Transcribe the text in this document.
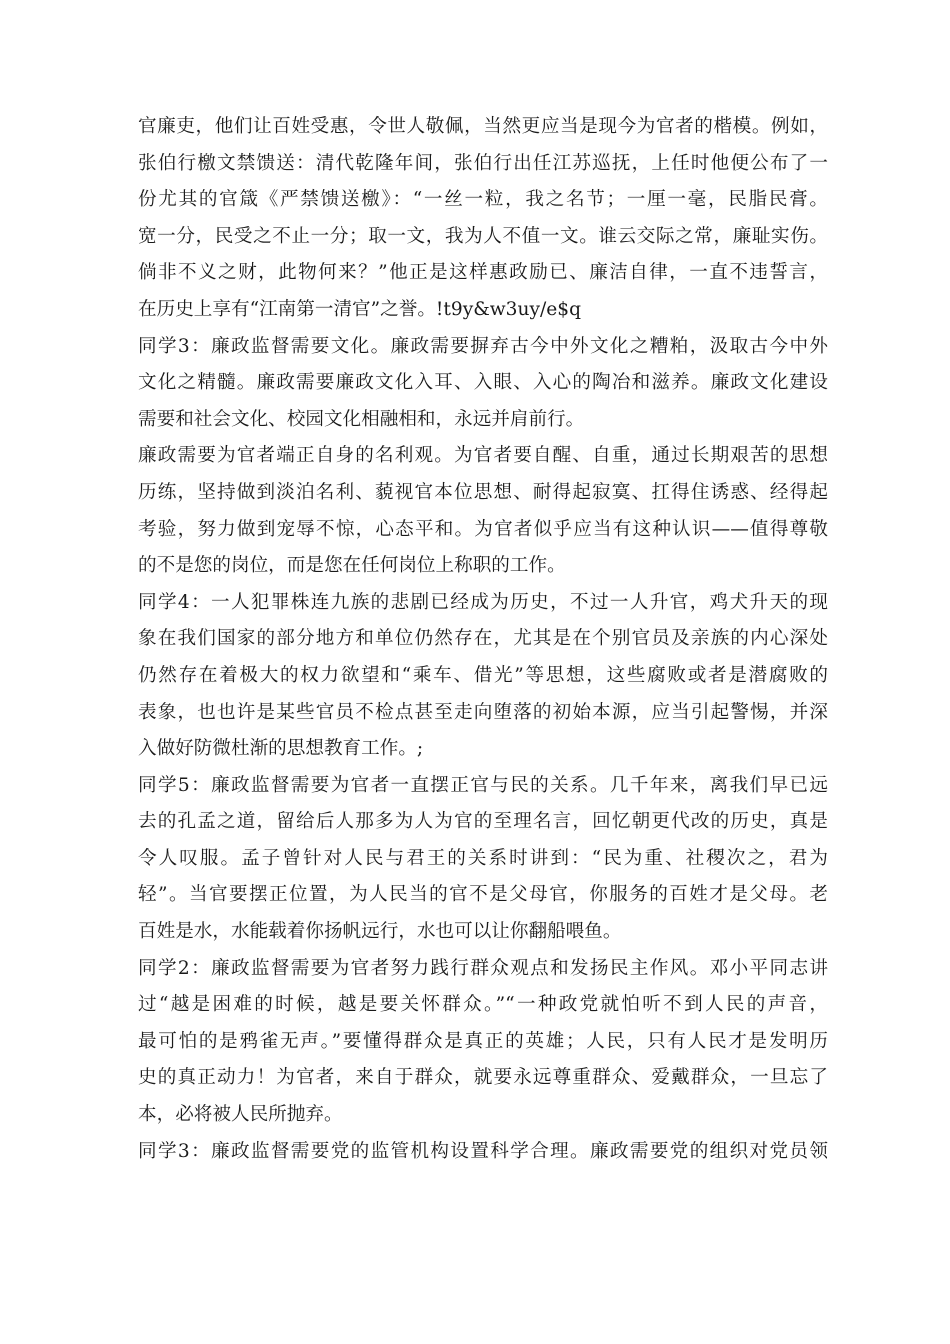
官廉吏，他们让百姓受惠，令世人敬佩，当然更应当是现今为官者的楷模。例如，
张伯行檄文禁馈送：清代乾隆年间，张伯行出任江苏巡抚，上任时他便公布了一
份尤其的官箴《严禁馈送檄》：“一丝一粒，我之名节；一厘一毫，民脂民膏。
宽一分，民受之不止一分；取一文，我为人不值一文。谁云交际之常，廉耻实伤。
倘非不义之财，此物何来？”他正是这样惠政励已、廉洁自律，一直不违誓言，
在历史上享有“江南第一清官”之誉。!t9y&w3uy/e$q
同学3：廉政监督需要文化。廉政需要摒弃古今中外文化之糟粕，汲取古今中外
文化之精髓。廉政需要廉政文化入耳、入眼、入心的陶冶和滋养。廉政文化建设
需要和社会文化、校园文化相融相和，永远并肩前行。
廉政需要为官者端正自身的名利观。为官者要自醒、自重，通过长期艰苦的思想
历练，坚持做到淡泊名利、藐视官本位思想、耐得起寂寞、扛得住诱惑、经得起
考验，努力做到宠辱不惊，心态平和。为官者似乎应当有这种认识——值得尊敬
的不是您的岗位，而是您在任何岗位上称职的工作。
同学4：一人犯罪株连九族的悲剧已经成为历史，不过一人升官，鸡犬升天的现
象在我们国家的部分地方和单位仍然存在，尤其是在个别官员及亲族的内心深处
仍然存在着极大的权力欲望和“乘车、借光”等思想，这些腐败或者是潜腐败的
表象，也也许是某些官员不检点甚至走向堕落的初始本源，应当引起警惕，并深
入做好防微杜渐的思想教育工作。;
同学5：廉政监督需要为官者一直摆正官与民的关系。几千年来，离我们早已远
去的孔孟之道，留给后人那多为人为官的至理名言，回忆朝更代改的历史，真是
令人叹服。孟子曾针对人民与君王的关系时讲到：“民为重、社稷次之，君为
轻”。当官要摆正位置，为人民当的官不是父母官，你服务的百姓才是父母。老
百姓是水，水能载着你扬帆远行，水也可以让你翻船喂鱼。
同学2：廉政监督需要为官者努力践行群众观点和发扬民主作风。邓小平同志讲
过“越是困难的时候，越是要关怀群众。”“一种政党就怕听不到人民的声音，
最可怕的是鸦雀无声。”要懂得群众是真正的英雄；人民，只有人民才是发明历
史的真正动力！为官者，来自于群众，就要永远尊重群众、爱戴群众，一旦忘了
本，必将被人民所抛弃。
同学3：廉政监督需要党的监管机构设置科学合理。廉政需要党的组织对党员领
